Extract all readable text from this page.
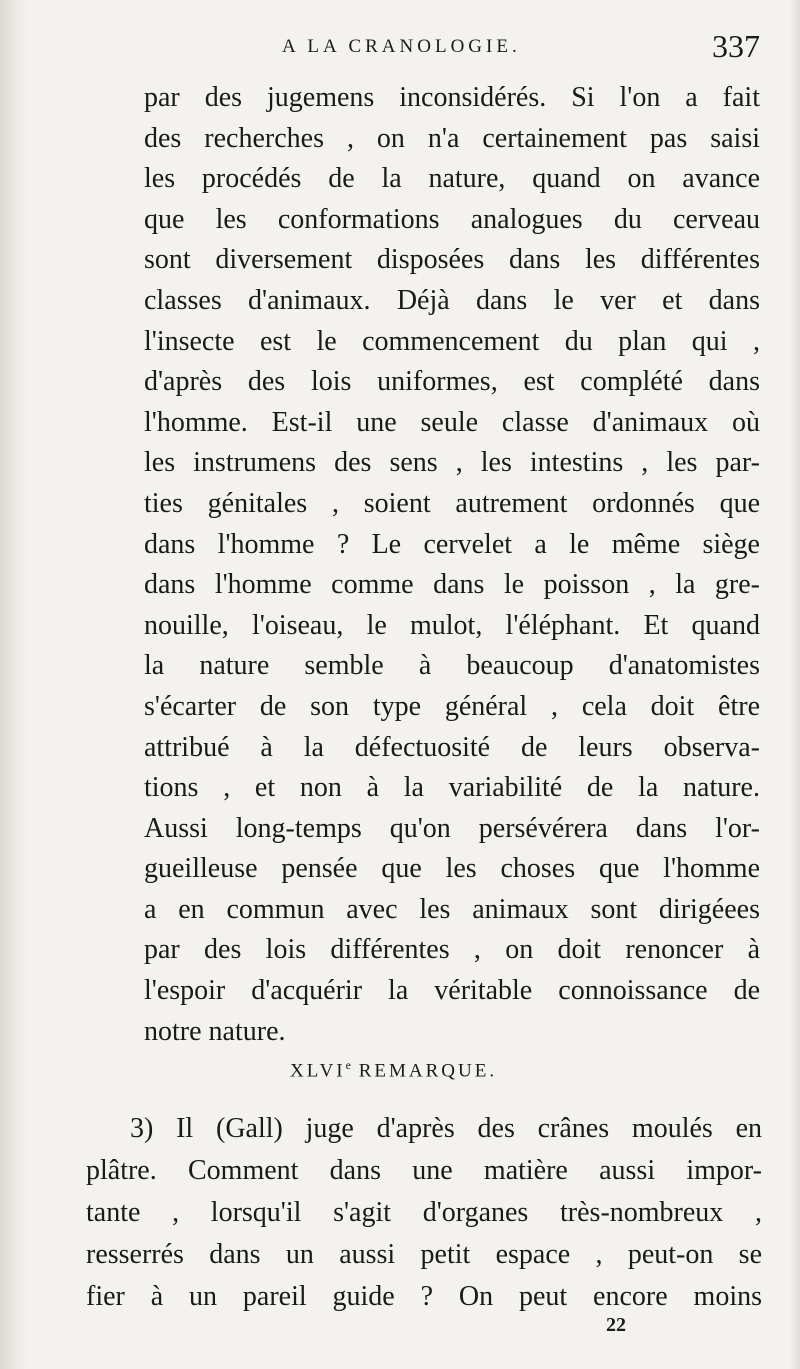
A LA CRANOLOGIE.	337
par des jugemens inconsidérés. Si l'on a fait
des recherches , on n'a certainement pas saisi
les procédés de la nature, quand on avance
que les conformations analogues du cerveau
sont diversement disposées dans les différentes
classes d'animaux. Déjà dans le ver et dans
l'insecte est le commencement du plan qui ,
d'après des lois uniformes, est complété dans
l'homme. Est-il une seule classe d'animaux où
les instrumens des sens , les intestins , les par-
ties génitales , soient autrement ordonnés que
dans l'homme ? Le cervelet a le même siège
dans l'homme comme dans le poisson , la gre-
nouille, l'oiseau, le mulot, l'éléphant. Et quand
la nature semble à beaucoup d'anatomistes
s'écarter de son type général , cela doit être
attribué à la défectuosité de leurs observa-
tions , et non à la variabilité de la nature.
Aussi long-temps qu'on persévérera dans l'or-
gueilleuse pensée que les choses que l'homme
a en commun avec les animaux sont dirigéees
par des lois différentes , on doit renoncer à
l'espoir d'acquérir la véritable connoissance de
notre nature.
XLVIe REMARQUE.
3) Il (Gall) juge d'après des crânes moulés en
plâtre. Comment dans une matière aussi impor-
tante , lorsqu'il s'agit d'organes très-nombreux ,
resserrés dans un aussi petit espace , peut-on se
fier à un pareil guide ? On peut encore moins
22
